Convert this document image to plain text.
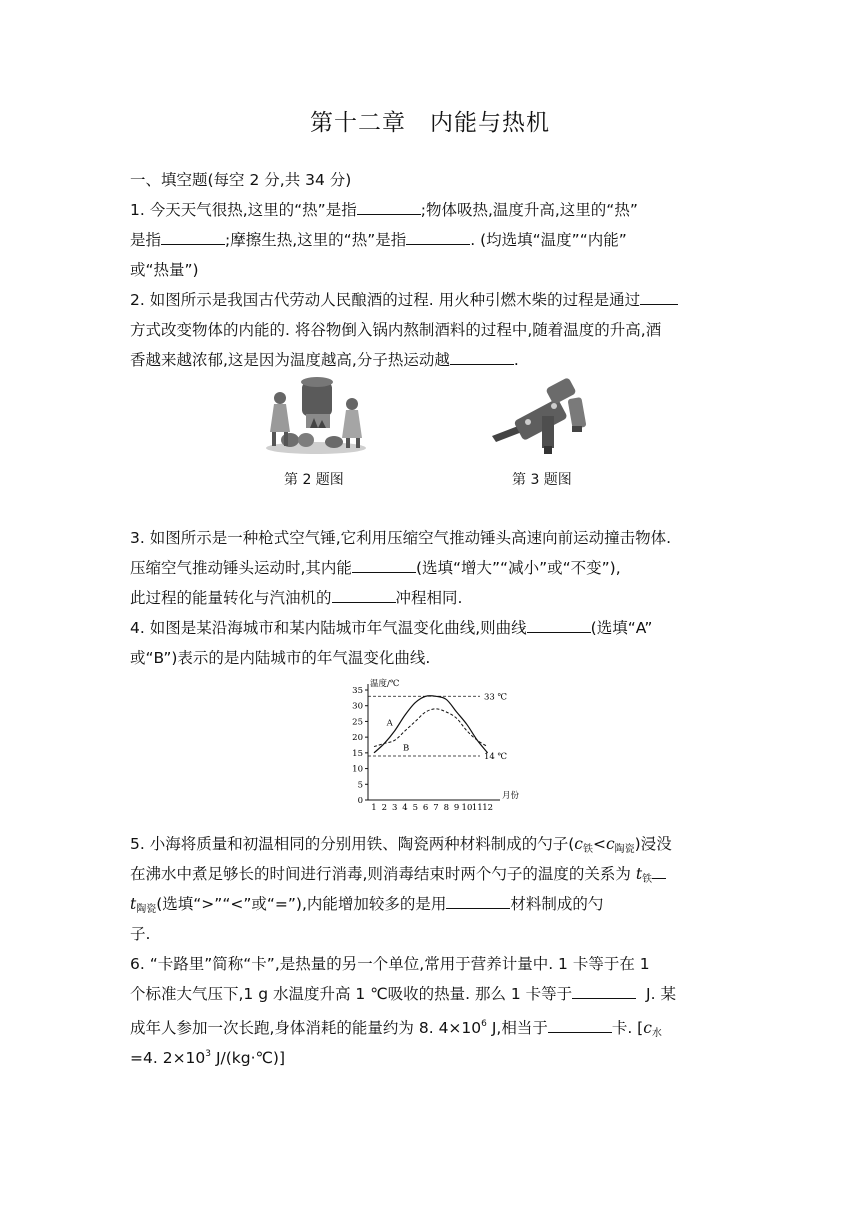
第十二章　内能与热机
一、填空题(每空 2 分,共 34 分)
1. 今天天气很热,这里的“热”是指	;物体吸热,温度升高,这里的“热”
是指	;摩擦生热,这里的“热”是指	. (均选填“温度”“内能”
或“热量”)
2. 如图所示是我国古代劳动人民酿酒的过程. 用火种引燃木柴的过程是通过
方式改变物体的内能的. 将谷物倒入锅内熬制酒料的过程中,随着温度的升高,酒
香越来越浓郁,这是因为温度越高,分子热运动越	.
第 2 题图	第 3 题图
3. 如图所示是一种枪式空气锤,它利用压缩空气推动锤头高速向前运动撞击物体.
压缩空气推动锤头运动时,其内能	(选填“增大”“减小”或“不变”),
此过程的能量转化与汽油机的	冲程相同.
4. 如图是某沿海城市和某内陆城市年气温变化曲线,则曲线	(选填“A”
或“B”)表示的是内陆城市的年气温变化曲线.
温度/℃
月份
0
5
10
15
20
25
30
35
1 2 3 4 5 6 7 8 9 10 11 12
33 ℃
14 ℃
A
B
5. 小海将质量和初温相同的分别用铁、陶瓷两种材料制成的勺子$(c_铁<c_{陶瓷})$浸没
在沸水中煮足够长的时间进行消毒,则消毒结束时两个勺子的温度的关系为 $t_铁$
$t_{陶瓷}$(选填“>”“<”或“=”),内能增加较多的是用	材料制成的勺
子.
6. “卡路里”简称“卡”,是热量的另一个单位,常用于营养计量中. 1 卡等于在 1
个标准大气压下,1 g 水温度升高 1 ℃吸收的热量. 那么 1 卡等于	J. 某
成年人参加一次长跑,身体消耗的能量约为 8. $4\times 10^6$ J,相当于	卡. [$c_水$
=4. $2\times 10^3$ J/(kg·℃)]
